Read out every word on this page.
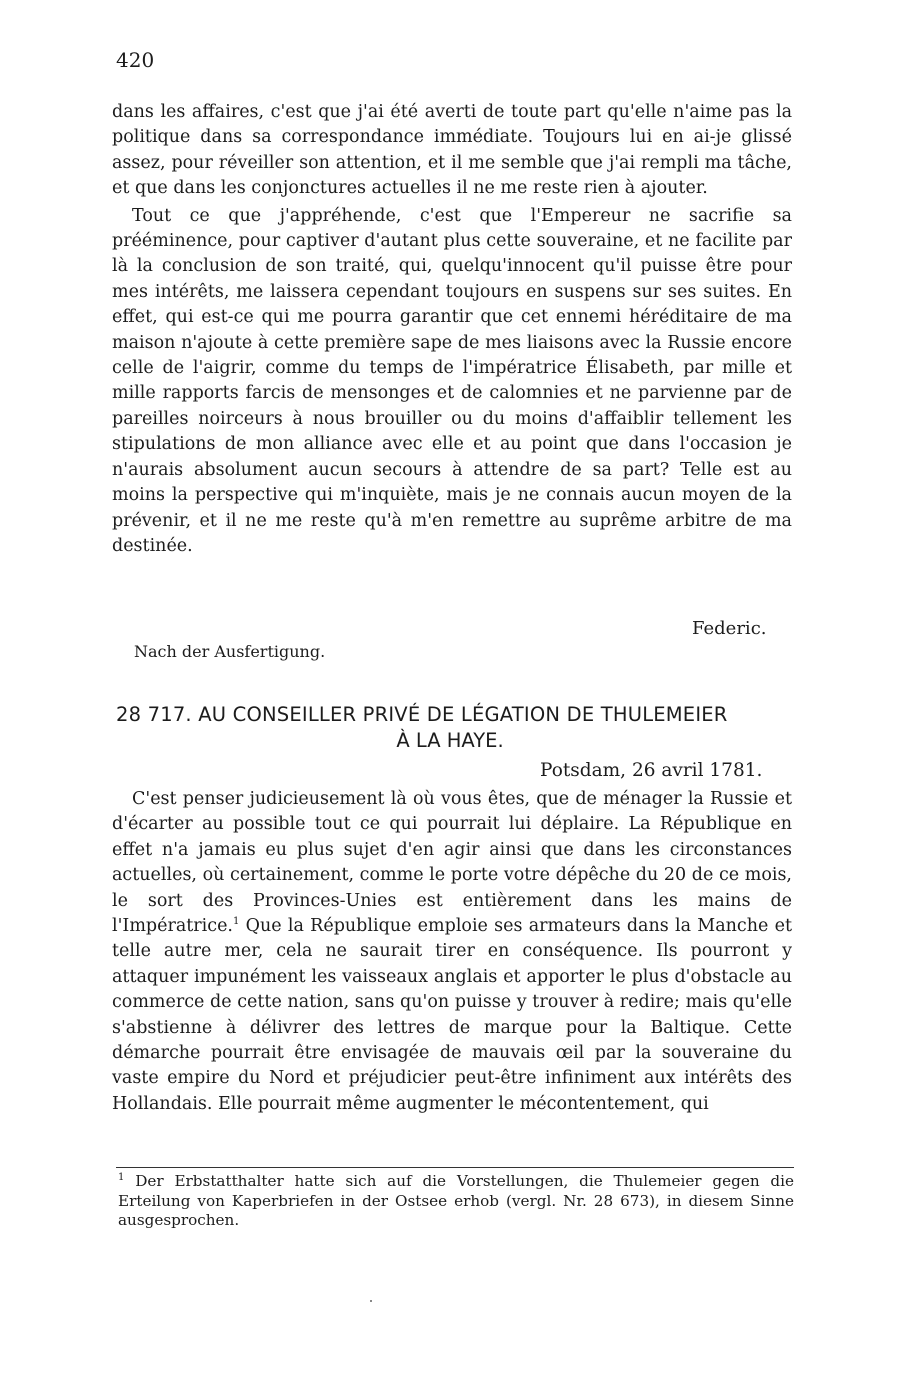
420

dans les affaires, c'est que j'ai été averti de toute part qu'elle n'aime pas la politique dans sa correspondance immédiate. Toujours lui en ai-je glissé assez, pour réveiller son attention, et il me semble que j'ai rempli ma tâche, et que dans les conjonctures actuelles il ne me reste rien à ajouter.

Tout ce que j'appréhende, c'est que l'Empereur ne sacrifie sa prééminence, pour captiver d'autant plus cette souveraine, et ne facilite par là la conclusion de son traité, qui, quelqu'innocent qu'il puisse être pour mes intérêts, me laissera cependant toujours en suspens sur ses suites. En effet, qui est-ce qui me pourra garantir que cet ennemi héréditaire de ma maison n'ajoute à cette première sape de mes liaisons avec la Russie encore celle de l'aigrir, comme du temps de l'impératrice Élisabeth, par mille et mille rapports farcis de mensonges et de calomnies et ne parvienne par de pareilles noirceurs à nous brouiller ou du moins d'affaiblir tellement les stipulations de mon alliance avec elle et au point que dans l'occasion je n'aurais absolument aucun secours à attendre de sa part? Telle est au moins la perspective qui m'inquiète, mais je ne connais aucun moyen de la prévenir, et il ne me reste qu'à m'en remettre au suprême arbitre de ma destinée.

Federic.
Nach der Ausfertigung.
28 717. AU CONSEILLER PRIVÉ DE LÉGATION DE THULEMEIER
À LA HAYE.
Potsdam, 26 avril 1781.

C'est penser judicieusement là où vous êtes, que de ménager la Russie et d'écarter au possible tout ce qui pourrait lui déplaire. La République en effet n'a jamais eu plus sujet d'en agir ainsi que dans les circonstances actuelles, où certainement, comme le porte votre dépêche du 20 de ce mois, le sort des Provinces-Unies est entièrement dans les mains de l'Impératrice.$^1$ Que la République emploie ses armateurs dans la Manche et telle autre mer, cela ne saurait tirer en conséquence. Ils pourront y attaquer impunément les vaisseaux anglais et apporter le plus d'obstacle au commerce de cette nation, sans qu'on puisse y trouver à redire; mais qu'elle s'abstienne à délivrer des lettres de marque pour la Baltique. Cette démarche pourrait être envisagée de mauvais œil par la souveraine du vaste empire du Nord et préjudicier peut-être infiniment aux intérêts des Hollandais. Elle pourrait même augmenter le mécontentement, qui

$^1$ Der Erbstatthalter hatte sich auf die Vorstellungen, die Thulemeier gegen die Erteilung von Kaperbriefen in der Ostsee erhob (vergl. Nr. 28 673), in diesem Sinne ausgesprochen.
